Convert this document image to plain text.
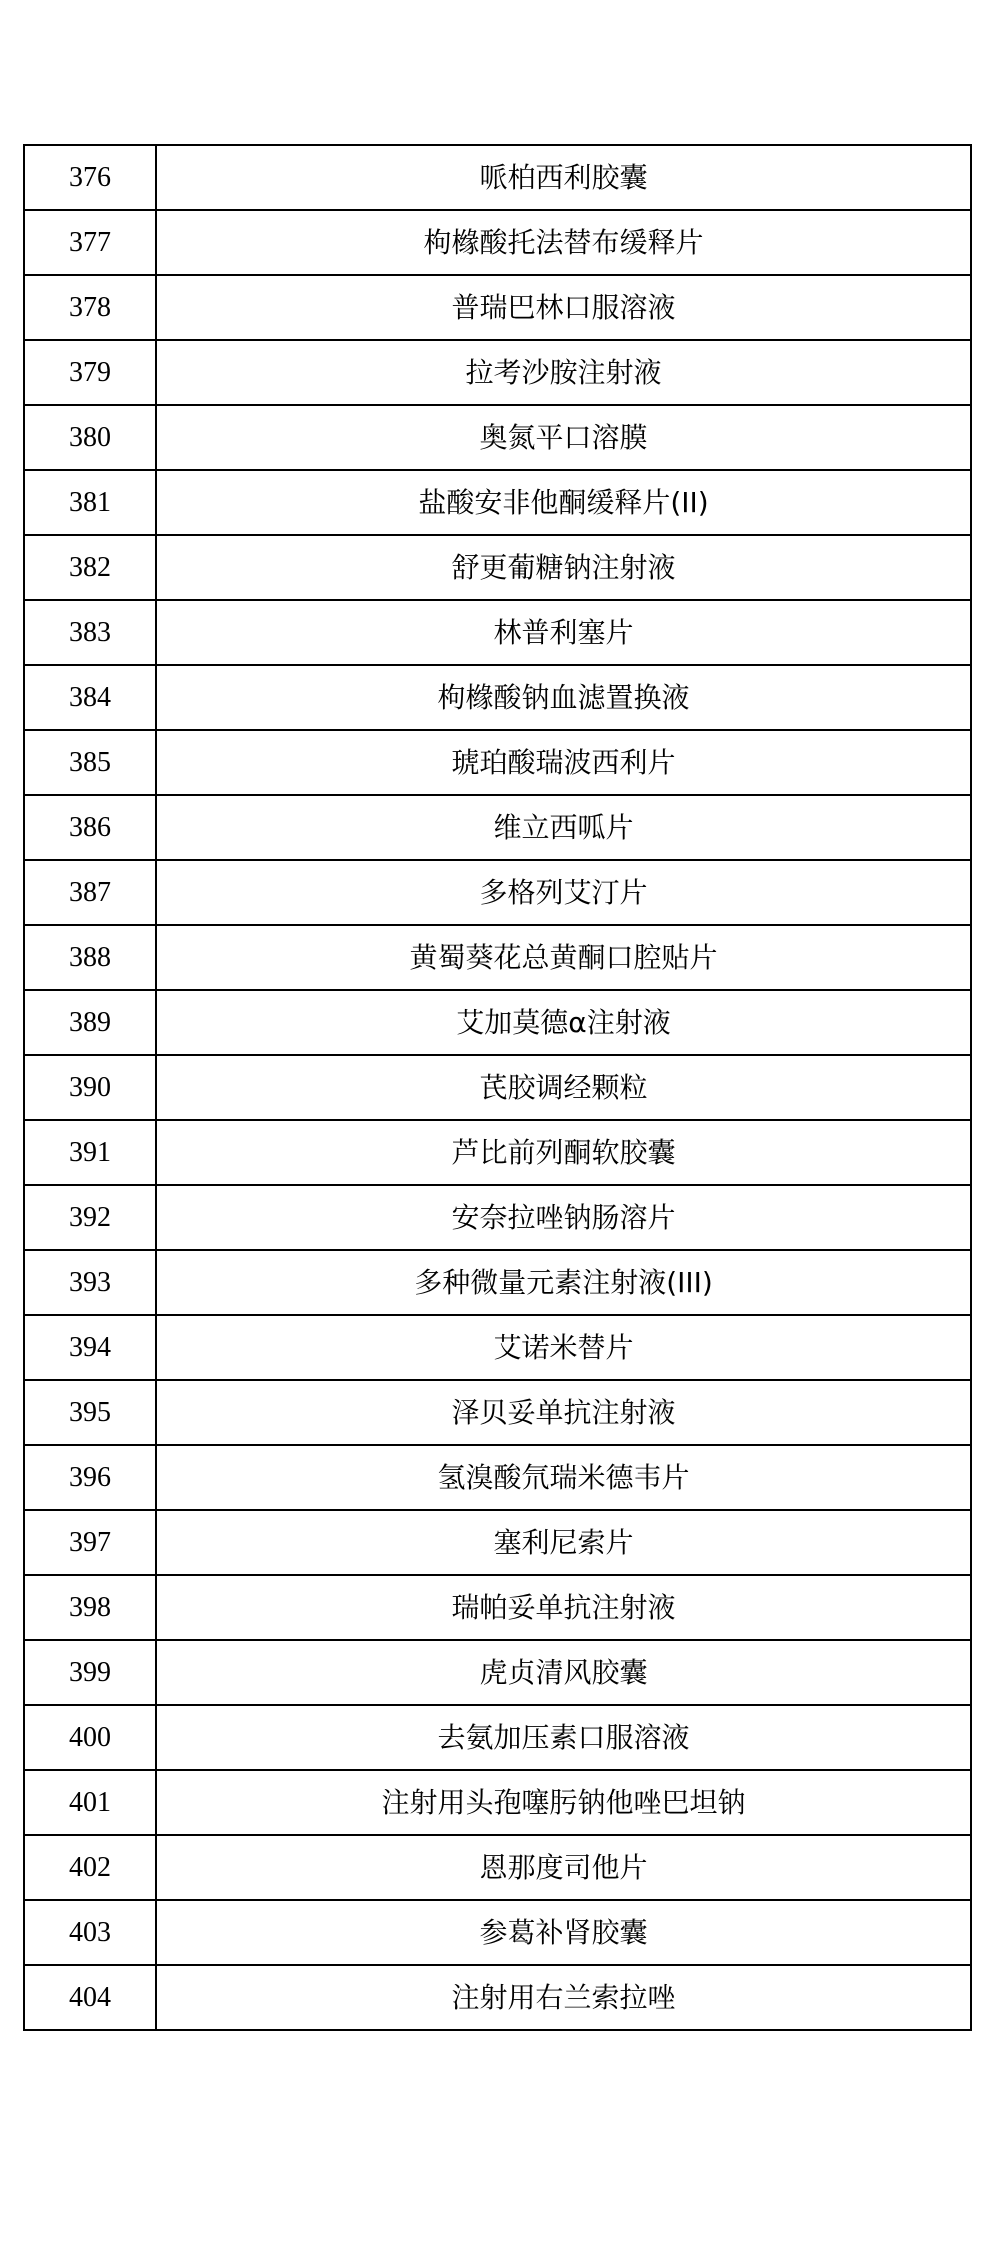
376	哌柏西利胶囊
377	枸橼酸托法替布缓释片
378	普瑞巴林口服溶液
379	拉考沙胺注射液
380	奥氮平口溶膜
381	盐酸安非他酮缓释片(II)
382	舒更葡糖钠注射液
383	林普利塞片
384	枸橼酸钠血滤置换液
385	琥珀酸瑞波西利片
386	维立西呱片
387	多格列艾汀片
388	黄蜀葵花总黄酮口腔贴片
389	艾加莫德α注射液
390	芪胶调经颗粒
391	芦比前列酮软胶囊
392	安奈拉唑钠肠溶片
393	多种微量元素注射液(III)
394	艾诺米替片
395	泽贝妥单抗注射液
396	氢溴酸氘瑞米德韦片
397	塞利尼索片
398	瑞帕妥单抗注射液
399	虎贞清风胶囊
400	去氨加压素口服溶液
401	注射用头孢噻肟钠他唑巴坦钠
402	恩那度司他片
403	参葛补肾胶囊
404	注射用右兰索拉唑
